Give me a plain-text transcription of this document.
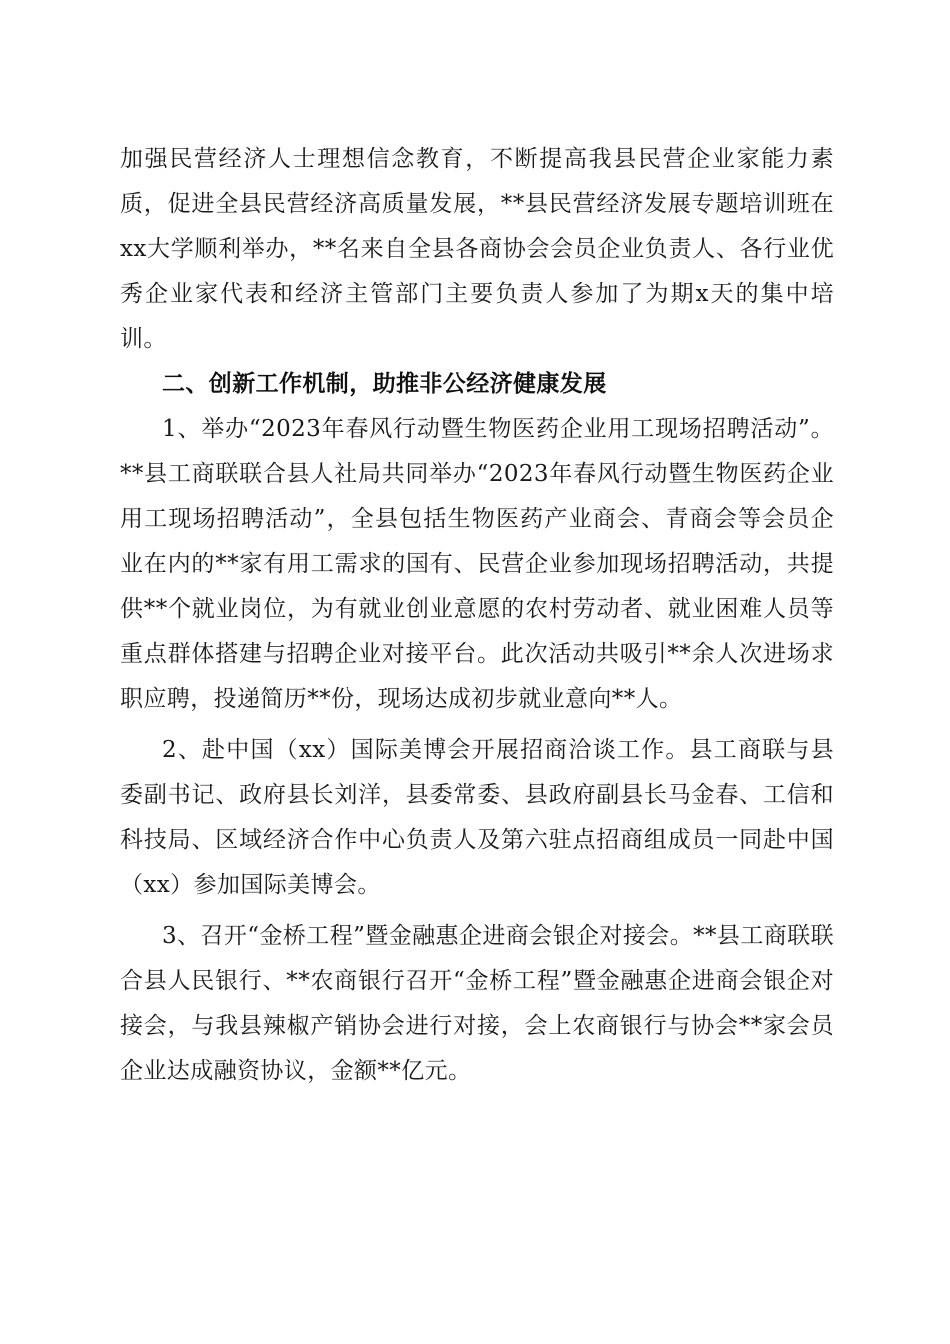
加强民营经济人士理想信念教育，不断提高我县民营企业家能力素质，促进全县民营经济高质量发展，**县民营经济发展专题培训班在xx大学顺利举办，**名来自全县各商协会会员企业负责人、各行业优秀企业家代表和经济主管部门主要负责人参加了为期x天的集中培训。

二、创新工作机制，助推非公经济健康发展

1、举办“2023年春风行动暨生物医药企业用工现场招聘活动”。**县工商联联合县人社局共同举办“2023年春风行动暨生物医药企业用工现场招聘活动”，全县包括生物医药产业商会、青商会等会员企业在内的**家有用工需求的国有、民营企业参加现场招聘活动，共提供**个就业岗位，为有就业创业意愿的农村劳动者、就业困难人员等重点群体搭建与招聘企业对接平台。此次活动共吸引**余人次进场求职应聘，投递简历**份，现场达成初步就业意向**人。

2、赴中国（xx）国际美博会开展招商洽谈工作。县工商联与县委副书记、政府县长刘洋，县委常委、县政府副县长马金春、工信和科技局、区域经济合作中心负责人及第六驻点招商组成员一同赴中国（xx）参加国际美博会。

3、召开“金桥工程”暨金融惠企进商会银企对接会。**县工商联联合县人民银行、**农商银行召开“金桥工程”暨金融惠企进商会银企对接会，与我县辣椒产销协会进行对接，会上农商银行与协会**家会员企业达成融资协议，金额**亿元。
